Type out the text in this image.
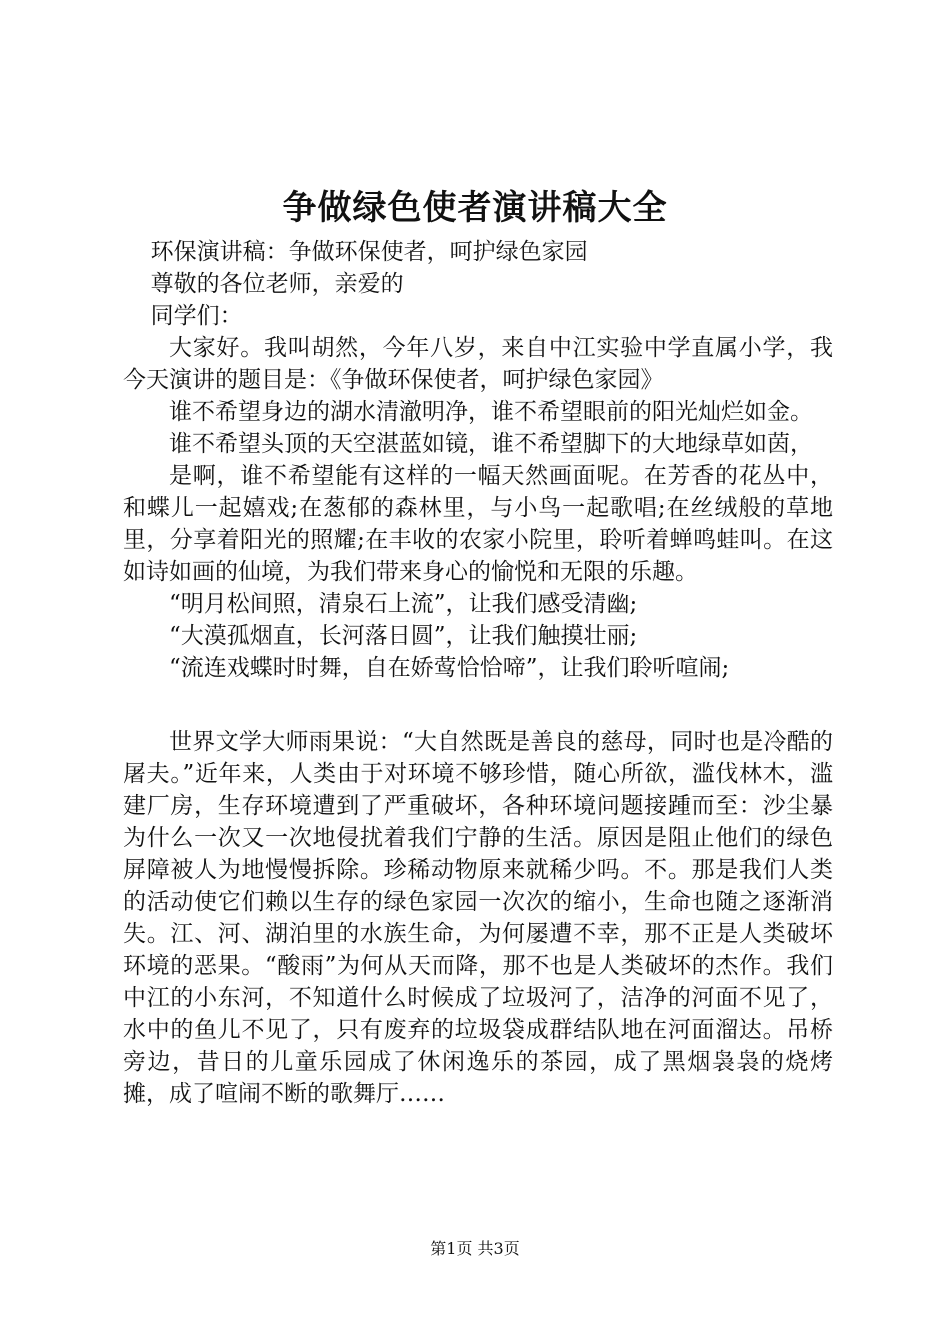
争做绿色使者演讲稿大全

环保演讲稿：争做环保使者，呵护绿色家园

尊敬的各位老师，亲爱的

同学们：

大家好。我叫胡然，今年八岁，来自中江实验中学直属小学，我今天演讲的题目是：《争做环保使者，呵护绿色家园》

谁不希望身边的湖水清澈明净，谁不希望眼前的阳光灿烂如金。

谁不希望头顶的天空湛蓝如镜，谁不希望脚下的大地绿草如茵，

是啊，谁不希望能有这样的一幅天然画面呢。在芳香的花丛中，和蝶儿一起嬉戏;在葱郁的森林里，与小鸟一起歌唱;在丝绒般的草地里，分享着阳光的照耀;在丰收的农家小院里，聆听着蝉鸣蛙叫。在这如诗如画的仙境，为我们带来身心的愉悦和无限的乐趣。

“明月松间照，清泉石上流”，让我们感受清幽;

“大漠孤烟直，长河落日圆”，让我们触摸壮丽;

“流连戏蝶时时舞，自在娇莺恰恰啼”，让我们聆听喧闹;

世界文学大师雨果说：“大自然既是善良的慈母，同时也是冷酷的屠夫。”近年来，人类由于对环境不够珍惜，随心所欲，滥伐林木，滥建厂房，生存环境遭到了严重破坏，各种环境问题接踵而至：沙尘暴为什么一次又一次地侵扰着我们宁静的生活。原因是阻止他们的绿色屏障被人为地慢慢拆除。珍稀动物原来就稀少吗。不。那是我们人类的活动使它们赖以生存的绿色家园一次次的缩小，生命也随之逐渐消失。江、河、湖泊里的水族生命，为何屡遭不幸，那不正是人类破坏环境的恶果。“酸雨”为何从天而降，那不也是人类破坏的杰作。我们中江的小东河，不知道什么时候成了垃圾河了，洁净的河面不见了，水中的鱼儿不见了，只有废弃的垃圾袋成群结队地在河面溜达。吊桥旁边，昔日的儿童乐园成了休闲逸乐的茶园，成了黑烟袅袅的烧烤摊，成了喧闹不断的歌舞厅……

第1页 共3页
